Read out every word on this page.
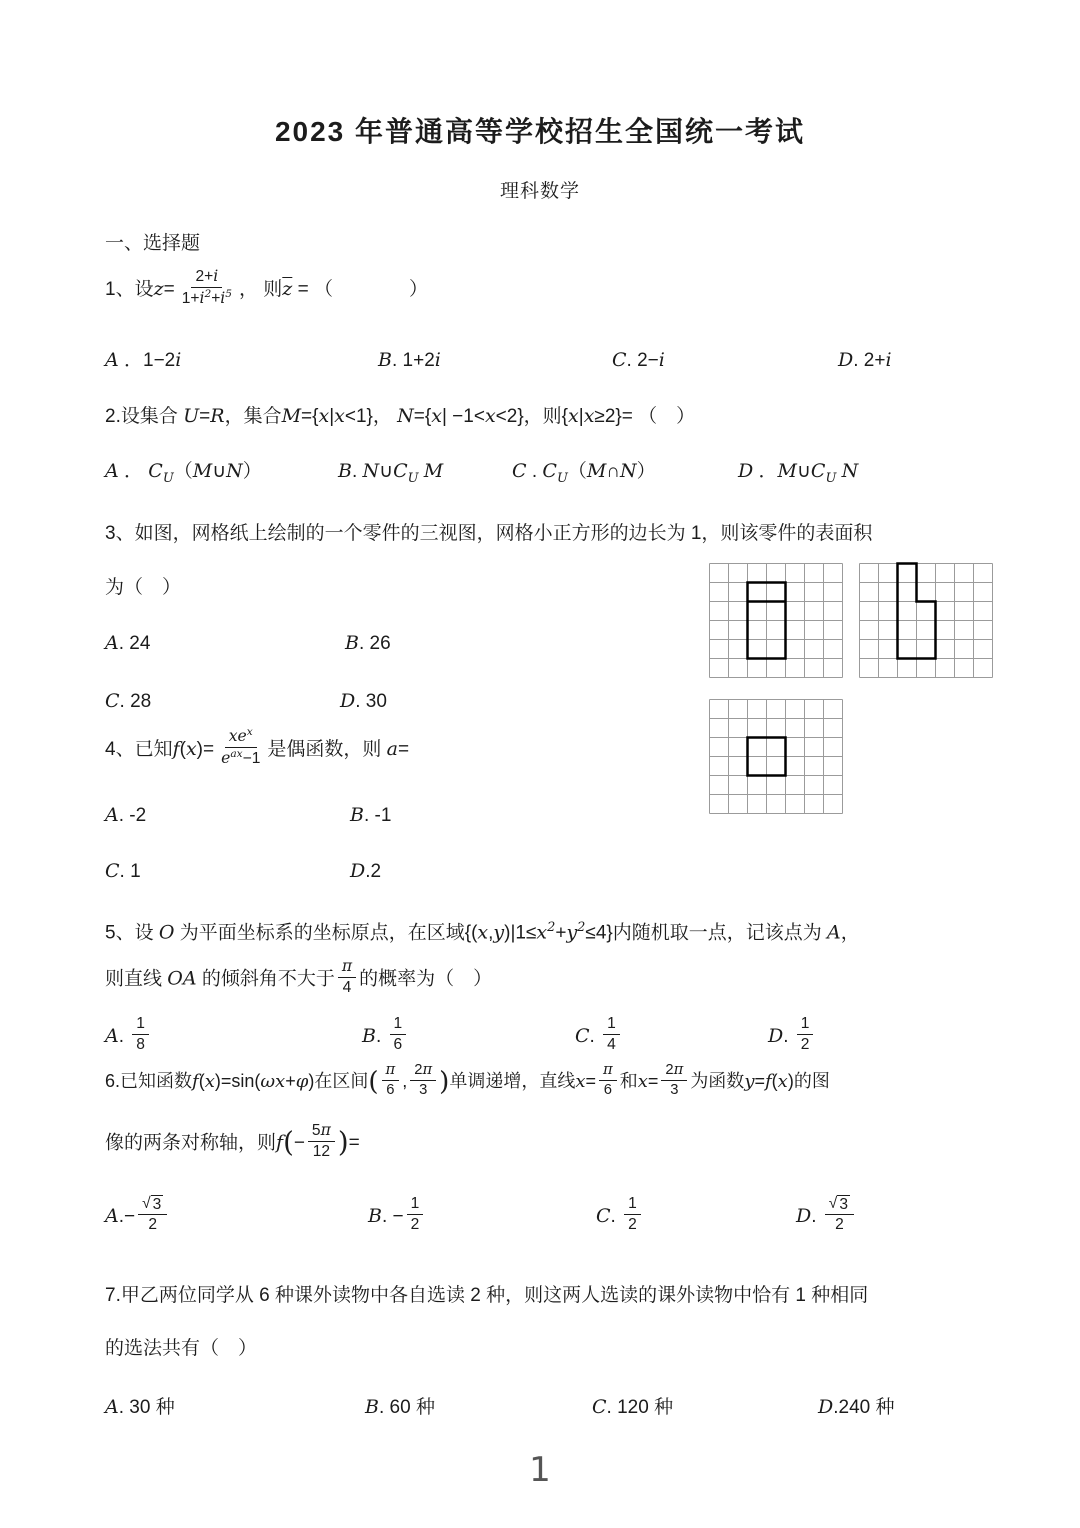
2023 年普通高等学校招生全国统一考试
理科数学
一、选择题
1、设$z= \frac{2+i}{1+i^2+i^5}$ ， 则$\overline{z}$ = （　　　　）
A ．1−2i	B. 1+2i	C. 2−i	D. 2+i
2.设集合 U=R，集合M={x|x<1}， N={x| −1<x<2}，则{x|x≥2}= （　）
A ． $C_U(M\cup N)$	B. $N\cup C_U$ M	C . $C_U(M\cap N)$	D ．$M\cup C_U$ N
3、如图，网格纸上绘制的一个零件的三视图，网格小正方形的边长为 1，则该零件的表面积
为（　）
A. 24	B. 26
C. 28	D. 30
4、已知$f(x)= \frac{xe^x}{e^{ax}-1}$ 是偶函数，则 a=
A. -2	B. -1
C. 1	D.2
5、设 O 为平面坐标系的坐标原点，在区域$\{(x,y)|1\le x^2+y^2\le 4\}$内随机取一点，记该点为 A，
则直线 OA 的倾斜角不大于 $\frac{\pi}{4}$ 的概率为（　）
A. $\frac{1}{8}$	B. $\frac{1}{6}$	C. $\frac{1}{4}$	D. $\frac{1}{2}$
6.已知函数f(x)=sin(ωx+φ)在区间( $\frac{\pi}{6}$ , $\frac{2\pi}{3}$ )单调递增，直线$x= \frac{\pi}{6}$ 和$x= \frac{2\pi}{3}$ 为函数y=f(x)的图
像的两条对称轴，则$f(- \frac{5\pi}{12}$ )=
$A.- \frac{√ 3}{2}$	B. − $\frac{1}{2}$	C. $\frac{1}{2}$	D. $\frac{√ 3}{2}$
7.甲乙两位同学从 6 种课外读物中各自选读 2 种，则这两人选读的课外读物中恰有 1 种相同
的选法共有（　）
A. 30 种	B. 60 种	C. 120 种	D.240 种
1
